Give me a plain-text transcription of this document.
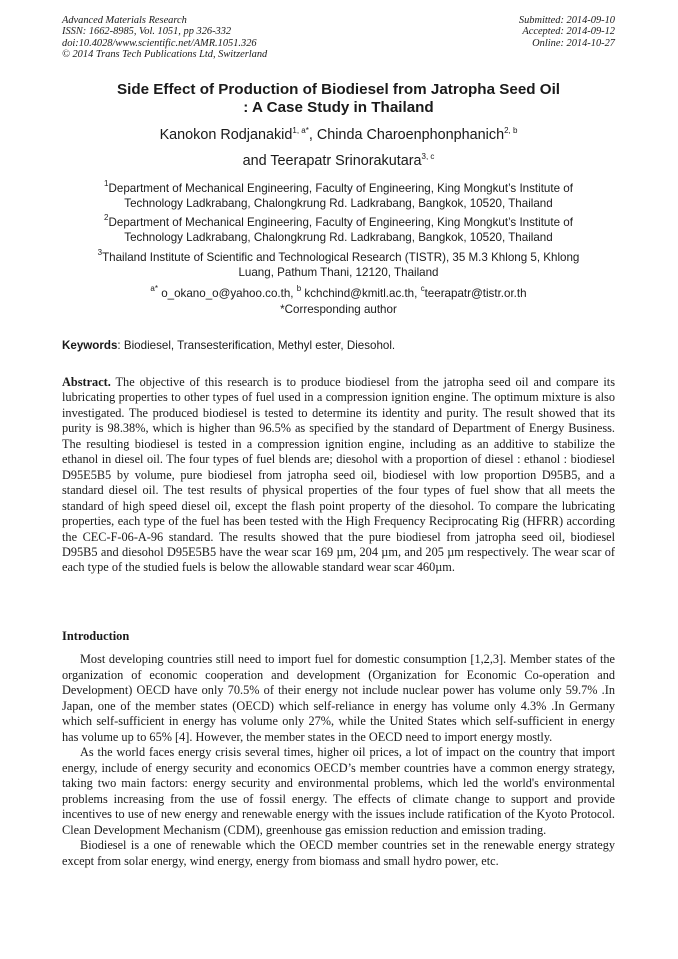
Advanced Materials Research
ISSN: 1662-8985, Vol. 1051, pp 326-332
doi:10.4028/www.scientific.net/AMR.1051.326
© 2014 Trans Tech Publications Ltd, Switzerland
Submitted: 2014-09-10
Accepted: 2014-09-12
Online: 2014-10-27
Side Effect of Production of Biodiesel from Jatropha Seed Oil
: A Case Study in Thailand
Kanokon Rodjanakid$^{1, a*}$, Chinda Charoenphonphanich$^{2, b}$
and Teerapatr Srinorakutara$^{3, c}$
$^1$Department of Mechanical Engineering, Faculty of Engineering, King Mongkut’s Institute of
Technology Ladkrabang, Chalongkrung Rd. Ladkrabang, Bangkok, 10520, Thailand
$^2$Department of Mechanical Engineering, Faculty of Engineering, King Mongkut’s Institute of
Technology Ladkrabang, Chalongkrung Rd. Ladkrabang, Bangkok, 10520, Thailand
$^3$Thailand Institute of Scientific and Technological Research (TISTR), 35 M.3 Khlong 5, Khlong
Luang, Pathum Thani, 12120, Thailand
$^{a*}$ o_okano_o@yahoo.co.th, $^b$ kchchind@kmitl.ac.th, $^c$teerapatr@tistr.or.th
*Corresponding author
Keywords: Biodiesel, Transesterification, Methyl ester, Diesohol.
Abstract. The objective of this research is to produce biodiesel from the jatropha seed oil and compare its lubricating properties to other types of fuel used in a compression ignition engine. The optimum mixture is also investigated. The produced biodiesel is tested to determine its identity and purity. The result showed that its purity is 98.38%, which is higher than 96.5% as specified by the standard of Department of Energy Business. The resulting biodiesel is tested in a compression ignition engine, including as an additive to stabilize the ethanol in diesel oil. The four types of fuel blends are; diesohol with a proportion of diesel : ethanol : biodiesel D95E5B5 by volume, pure biodiesel from jatropha seed oil, biodiesel with low proportion D95B5, and a standard diesel oil. The test results of physical properties of the four types of fuel show that all meets the standard of high speed diesel oil, except the flash point property of the diesohol. To compare the lubricating properties, each type of the fuel has been tested with the High Frequency Reciprocating Rig (HFRR) according the CEC-F-06-A-96 standard. The results showed that the pure biodiesel from jatropha seed oil, biodiesel D95B5 and diesohol D95E5B5 have the wear scar 169 µm, 204 µm, and 205 µm respectively. The wear scar of each type of the studied fuels is below the allowable standard wear scar 460µm.
Introduction

Most developing countries still need to import fuel for domestic consumption [1,2,3]. Member states of the organization of economic cooperation and development (Organization for Economic Co-operation and Development) OECD have only 70.5% of their energy not include nuclear power has volume only 59.7% .In Japan, one of the member states (OECD) which self-reliance in energy has volume only 4.3% .In Germany which self-sufficient in energy has volume only 27%, while the United States which self-sufficient in energy has volume up to 65% [4]. However, the member states in the OECD need to import energy mostly.

As the world faces energy crisis several times, higher oil prices, a lot of impact on the country that import energy, include of energy security and economics OECD’s member countries have a common energy strategy, taking two main factors: energy security and environmental problems, which led the world's environmental problems increasing from the use of fossil energy. The effects of climate change to support and provide incentives to use of new energy and renewable energy with the issues include ratification of the Kyoto Protocol. Clean Development Mechanism (CDM), greenhouse gas emission reduction and emission trading.

Biodiesel is a one of renewable which the OECD member countries set in the renewable energy strategy except from solar energy, wind energy, energy from biomass and small hydro power, etc.
